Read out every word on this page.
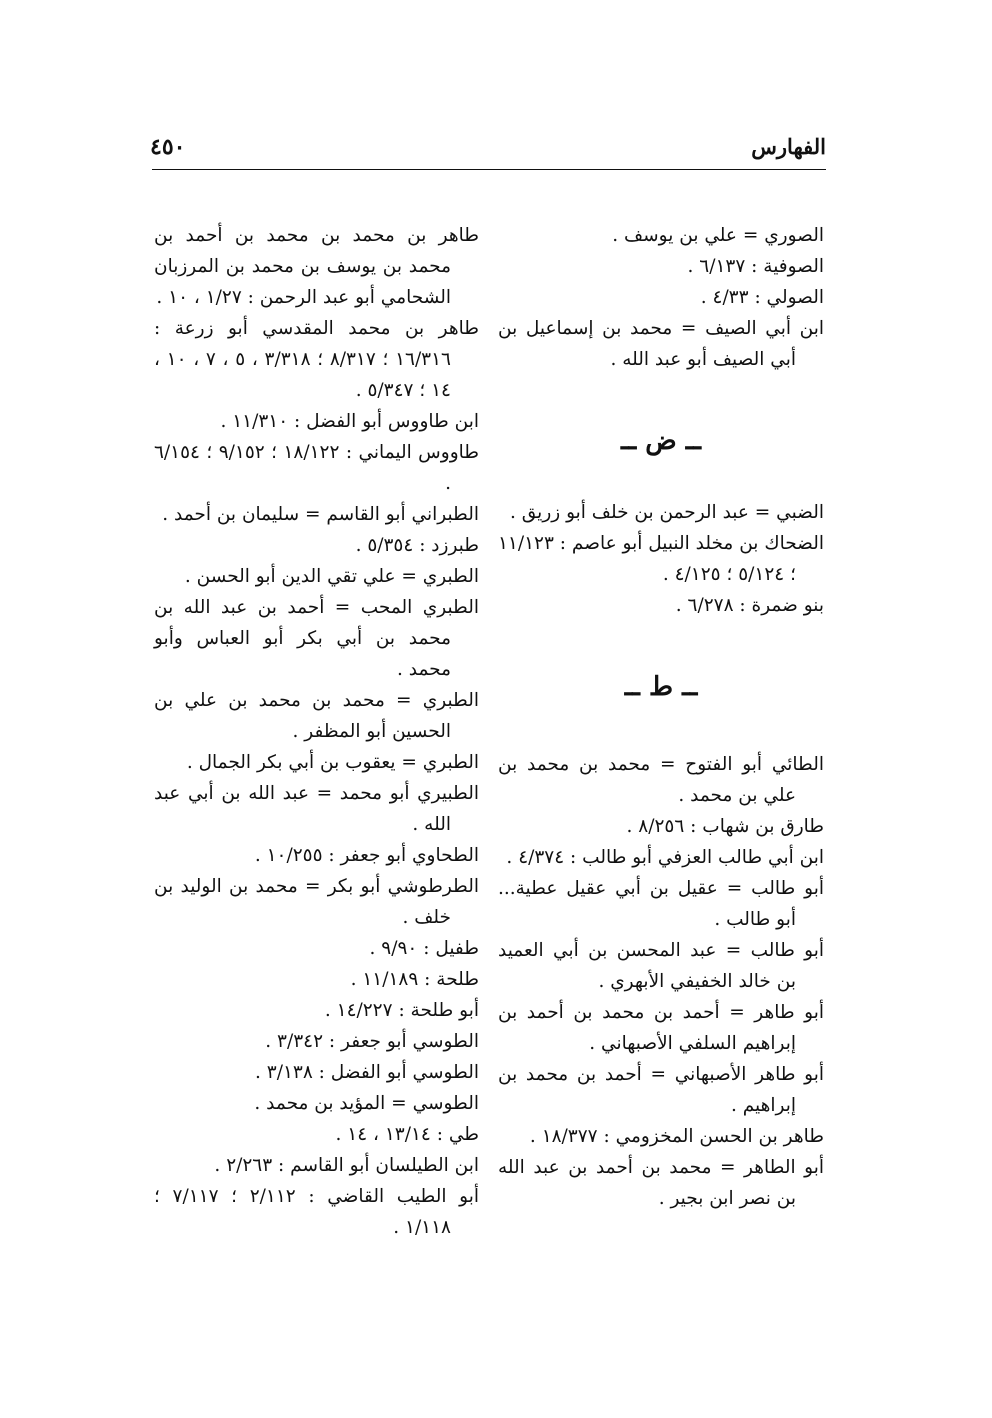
٤٥٠	الفهارس

الصوري = علي بن يوسف .

الصوفية : ٦/١٣٧ .

الصولي : ٤/٣٣ .

ابن أبي الصيف = محمد بن إسماعيل بن أبي الصيف أبو عبد الله .

ــ ض ــ

الضبي = عبد الرحمن بن خلف أبو زريق .

الضحاك بن مخلد النبيل أبو عاصم : ١١/١٢٣ ؛ ٥/١٢٤ ؛ ٤/١٢٥ .

بنو ضمرة : ٦/٢٧٨ .

ــ ط ــ

الطائي أبو الفتوح = محمد بن محمد بن علي بن محمد .

طارق بن شهاب : ٨/٢٥٦ .

ابن أبي طالب العزفي أبو طالب : ٤/٣٧٤ .

أبو طالب = عقيل بن أبي عقيل عطية... أبو طالب .

أبو طالب = عبد المحسن بن أبي العميد بن خالد الخفيفي الأبهري .

أبو طاهر = أحمد بن محمد بن أحمد بن إبراهيم السلفي الأصبهاني .

أبو طاهر الأصبهاني = أحمد بن محمد بن إبراهيم .

طاهر بن الحسن المخزومي : ١٨/٣٧٧ .

أبو الطاهر = محمد بن أحمد بن عبد الله بن نصر ابن بجير .

طاهر بن محمد بن محمد بن أحمد بن محمد بن يوسف بن محمد بن المرزبان الشحامي أبو عبد الرحمن : ١/٢٧ ، ١٠ .

طاهر بن محمد المقدسي أبو زرعة : ١٦/٣١٦ ؛ ٨/٣١٧ ؛ ٣/٣١٨ ، ٥ ، ٧ ، ١٠ ، ١٤ ؛ ٥/٣٤٧ .

ابن طاووس أبو الفضل : ١١/٣١٠ .

طاووس اليماني : ١٨/١٢٢ ؛ ٩/١٥٢ ؛ ٦/١٥٤ .

الطبراني أبو القاسم = سليمان بن أحمد .

طبرزد : ٥/٣٥٤ .

الطبري = علي تقي الدين أبو الحسن .

الطبري المحب = أحمد بن عبد الله بن محمد بن أبي بكر أبو العباس وأبو محمد .

الطبري = محمد بن محمد بن علي بن الحسين أبو المظفر .

الطبري = يعقوب بن أبي بكر الجمال .

الطبيري أبو محمد = عبد الله بن أبي عبد الله .

الطحاوي أبو جعفر : ١٠/٢٥٥ .

الطرطوشي أبو بكر = محمد بن الوليد بن خلف .

طفيل : ٩/٩٠ .

طلحة : ١١/١٨٩ .

أبو طلحة : ١٤/٢٢٧ .

الطوسي أبو جعفر : ٣/٣٤٢ .

الطوسي أبو الفضل : ٣/١٣٨ .

الطوسي = المؤيد بن محمد .

طي : ١٣/١٤ ، ١٤ .

ابن الطيلسان أبو القاسم : ٢/٢٦٣ .

أبو الطيب القاضي : ٢/١١٢ ؛ ٧/١١٧ ؛ ١/١١٨ .
